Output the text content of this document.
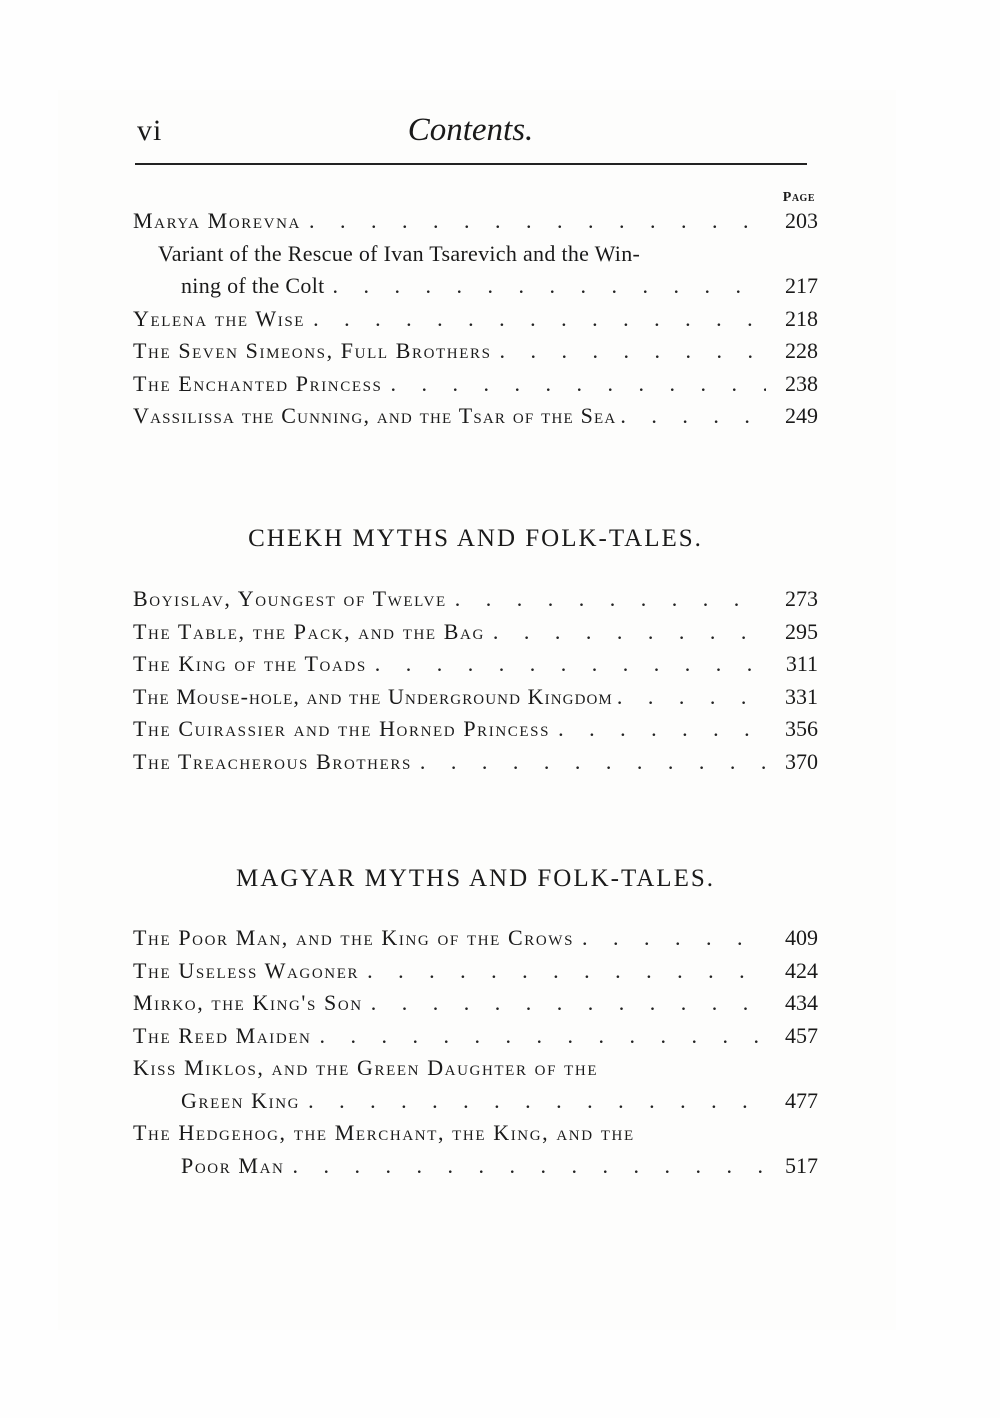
vi	Contents.
Page
Marya Morevna . . .	203
Variant of the Rescue of Ivan Tsarevich and the Win-
ning of the Colt . . .	217
Yelena the Wise . . .	218
The Seven Simeons, Full Brothers . . .	228
The Enchanted Princess . . .	238
Vassilissa the Cunning, and the Tsar of the Sea . . .	249
CHEKH MYTHS AND FOLK-TALES.
Boyislav, Youngest of Twelve . . .	273
The Table, the Pack, and the Bag . . .	295
The King of the Toads . . .	311
The Mouse-hole, and the Underground Kingdom . . .	331
The Cuirassier and the Horned Princess . . .	356
The Treacherous Brothers . . .	370
MAGYAR MYTHS AND FOLK-TALES.
The Poor Man, and the King of the Crows . . .	409
The Useless Wagoner . . .	424
Mirko, the King's Son . . .	434
The Reed Maiden . . .	457
Kiss Miklos, and the Green Daughter of the
Green King . . .	477
The Hedgehog, the Merchant, the King, and the
Poor Man . . .	517
